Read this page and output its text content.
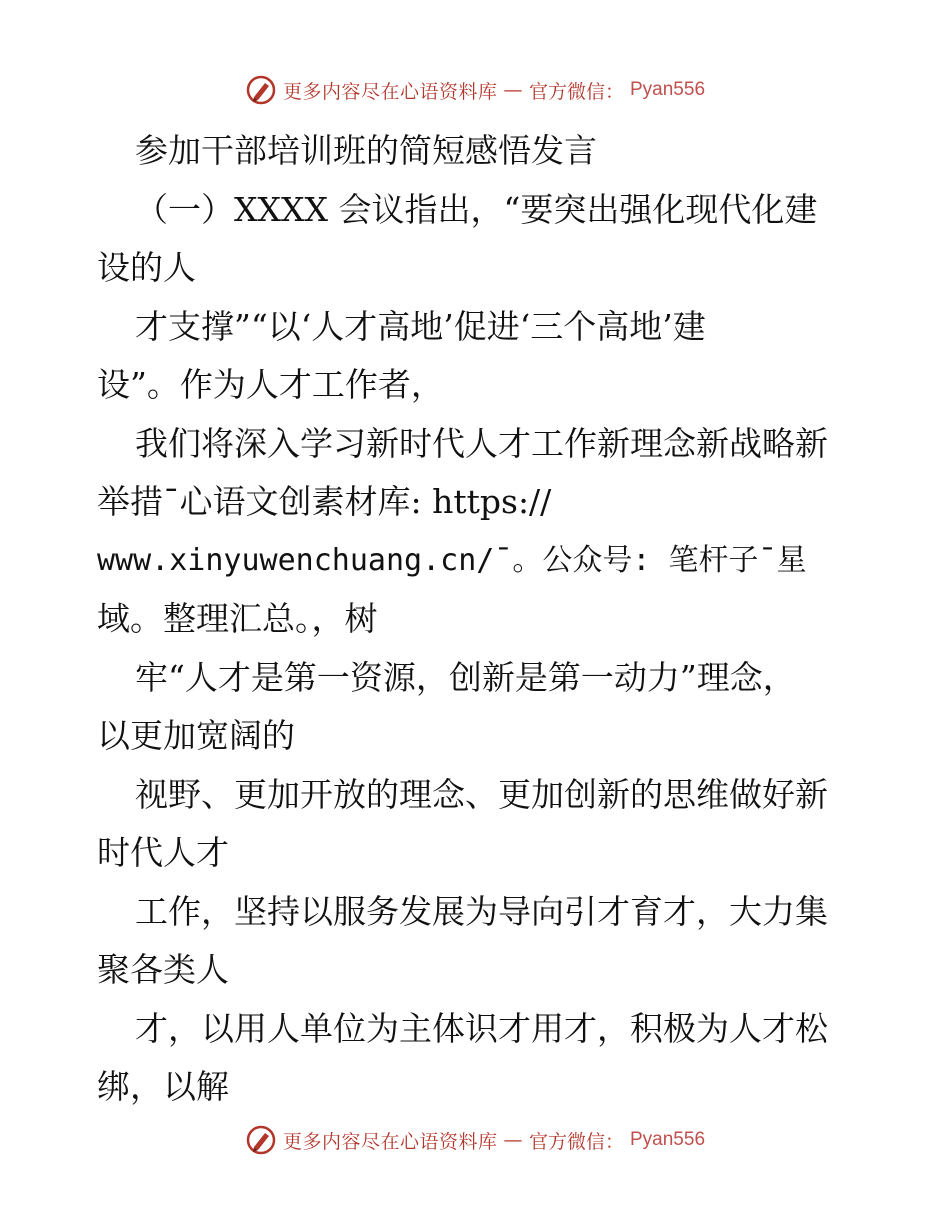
更多内容尽在心语资料库 — 官方微信： Pyan556
参加干部培训班的简短感悟发言
（一）XXXX 会议指出，“要突出强化现代化建
设的人
才支撑”“以‘人才高地’促进‘三个高地’建
设”。作为人才工作者，
我们将深入学习新时代人才工作新理念新战略新
举措¯心语文创素材库: https://
www.xinyuwenchuang.cn/¯。公众号: 笔杆子¯星
域。整理汇总。，树
牢“人才是第一资源，创新是第一动力”理念，
以更加宽阔的
视野、更加开放的理念、更加创新的思维做好新
时代人才
工作，坚持以服务发展为导向引才育才，大力集
聚各类人
才，以用人单位为主体识才用才，积极为人才松
绑，以解
更多内容尽在心语资料库 — 官方微信： Pyan556
